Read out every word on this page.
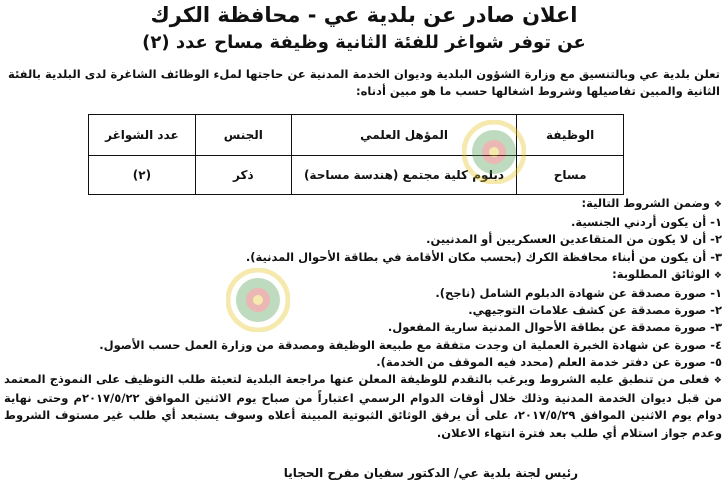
اعلان صادر عن بلدية عي - محافظة الكرك
عن توفر شواغر للفئة الثانية وظيفة مساح عدد (٢)
تعلن بلدية عي وبالتنسيق مع وزارة الشؤون البلدية وديوان الخدمة المدنية عن حاجتها لملء الوظائف الشاغرة لدى البلدية بالفئة الثانية والمبين تفاصيلها وشروط اشغالها حسب ما هو مبين أدناه:
الوظيفة	المؤهل العلمي	الجنس	عدد الشواغر
مساح	دبلوم كلية مجتمع (هندسة مساحة)	ذكر	(٢)
❖ وضمن الشروط التالية:
١- أن يكون أردني الجنسية.
٢- أن لا يكون من المتقاعدين العسكريين أو المدنيين.
٣- أن يكون من أبناء محافظة الكرك (بحسب مكان الأقامة في بطاقة الأحوال المدنية).
❖ الوثائق المطلوبة:
١- صورة مصدقة عن شهادة الدبلوم الشامل (ناجح).
٢- صورة مصدقة عن كشف علامات التوجيهي.
٣- صورة مصدقة عن بطاقة الأحوال المدنية سارية المفعول.
٤- صورة عن شهادة الخبرة العملية ان وجدت متفقة مع طبيعة الوظيفة ومصدقة من وزارة العمل حسب الأصول.
٥- صورة عن دفتر خدمة العلم (محدد فيه الموقف من الخدمة).
❖ فعلى من تنطبق عليه الشروط ويرغب بالتقدم للوظيفة المعلن عنها مراجعة البلدية لتعبئة طلب التوظيف على النموذج المعتمد من قبل ديوان الخدمة المدنية وذلك خلال أوقات الدوام الرسمي اعتباراً من صباح يوم الاثنين الموافق ٢٠١٧/٥/٢٢م وحتى نهاية دوام يوم الاثنين الموافق ٢٠١٧/٥/٢٩، على أن يرفق الوثائق الثبوتية المبينة أعلاه وسوف يستبعد أي طلب غير مستوف الشروط وعدم جواز استلام أي طلب بعد فترة انتهاء الاعلان.
رئيس لجنة بلدية عي/ الدكتور سفيان مفرح الحجايا
